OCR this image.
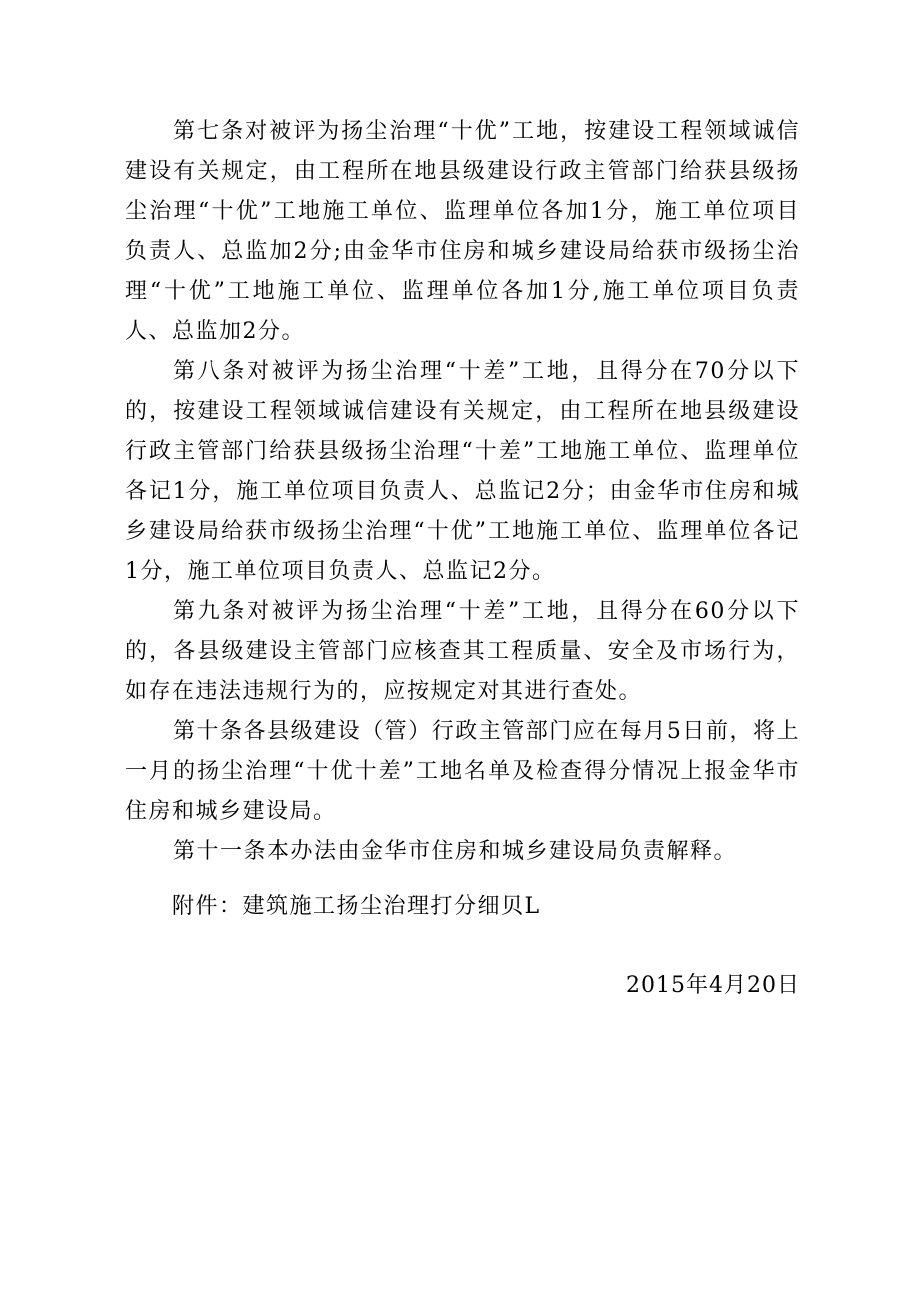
第七条对被评为扬尘治理“十优”工地，按建设工程领域诚信建设有关规定，由工程所在地县级建设行政主管部门给获县级扬尘治理“十优”工地施工单位、监理单位各加1分，施工单位项目负责人、总监加2分;由金华市住房和城乡建设局给获市级扬尘治理“十优”工地施工单位、监理单位各加1分,施工单位项目负责人、总监加2分。

第八条对被评为扬尘治理“十差”工地，且得分在70分以下的，按建设工程领域诚信建设有关规定，由工程所在地县级建设行政主管部门给获县级扬尘治理“十差”工地施工单位、监理单位各记1分，施工单位项目负责人、总监记2分；由金华市住房和城乡建设局给获市级扬尘治理“十优”工地施工单位、监理单位各记1分，施工单位项目负责人、总监记2分。

第九条对被评为扬尘治理“十差”工地，且得分在60分以下的，各县级建设主管部门应核查其工程质量、安全及市场行为，如存在违法违规行为的，应按规定对其进行查处。

第十条各县级建设（管）行政主管部门应在每月5日前，将上一月的扬尘治理“十优十差”工地名单及检查得分情况上报金华市住房和城乡建设局。

第十一条本办法由金华市住房和城乡建设局负责解释。

附件：建筑施工扬尘治理打分细贝L

2015年4月20日
